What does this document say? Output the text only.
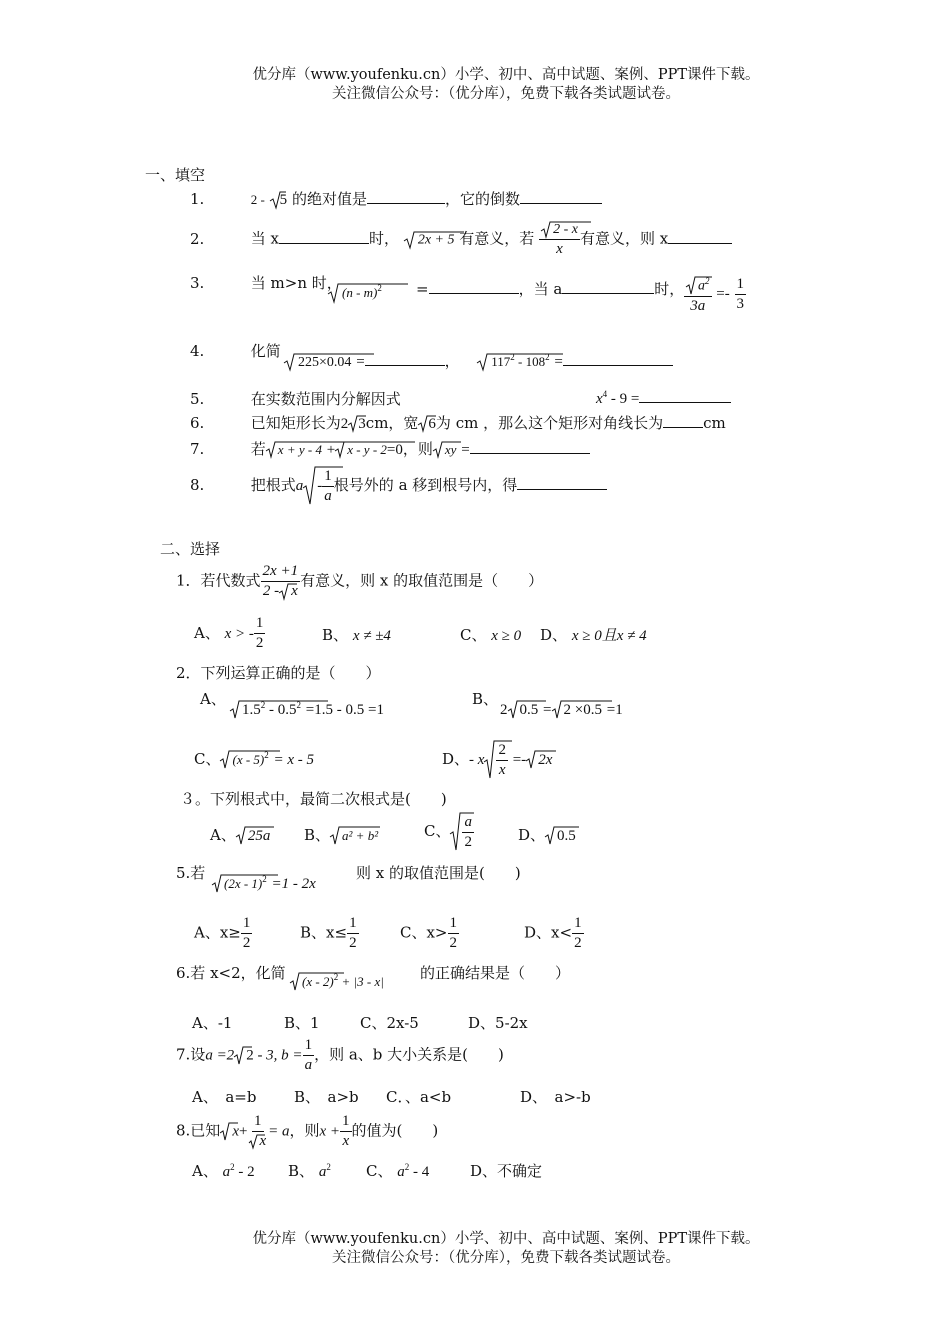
优分库（www.youfenku.cn）小学、初中、高中试题、案例、PPT课件下载。
关注微信公众号：（优分库），免费下载各类试题试卷。
一、填空
1.	2 - 5 的绝对值是	，它的倒数
2.	当 x	时， 2x + 5 有意义，若 $\frac{2 - x}{x}$ 有意义，则 x
3.	当 m>n 时，
(n - m)$^2$ =	，当 a	时， $\frac{a^2}{3a} =- \frac{1}{3}$
4.	化简
225×0.04 =	， $117^2 - 108^2$ =
5.	在实数范围内分解因式	$x^4 - 9$ =
6.	已知矩形长为2 3cm，宽 6为 cm ，那么这个矩形对角线长为	cm
7.	若 x + y - 4 + x - y - 2=0，则 xy =
8.	把根式a - $\frac{1}{a}$ 根号外的 a 移到根号内，得
二、选择
1．若代数式 $\frac{2x +1}{2 - x}$ 有意义，则 x 的取值范围是（　　）
A、 x > - $\frac{1}{2}$	B、 x ≠ ±4	C、 x ≥ 0 D、 x ≥ 0且x ≠ 4
2．下列运算正确的是（　　）
A、
$1.5^2 - 0.5^2 =1.5 - 0.5 =1$
B、
2 0.5 = 2 ×0.5 =1
C、 (x - 5)$^2$ = x - 5	D、- x $\frac{2}{x} =- 2x$
３。下列根式中，最简二次根式是(　　)
A、 25a B、 a² + b²	C、 $\frac{a}{2}$	D、 0.5
5.若
(2x - 1)$^2$ =1 - 2x
则 x 的取值范围是(　　)
A、$x\ge \frac{1}{2}$	B、$x\le \frac{1}{2}$	C、$x> \frac{1}{2}$	D、$x< \frac{1}{2}$
6.若 x<2，化简	(x - 2)$^2$ + |3 - x| 的正确结果是（　　）
A、-1	B、1	C、2x-5	D、5-2x
7.设a =2 2 - 3, $b = \frac{1}{a}$ ，则 a、b 大小关系是(　　)
A、　a=b	B、　a>b C．、a<b	D、　a>-b
8.已知 $x+ \frac{1}{x} = a$，则$x + \frac{1}{x}$ 的值为(　　)
A、 $a^2 - 2$ B、 $a^2$ C、 $a^2 - 4$	D、不确定
优分库（www.youfenku.cn）小学、初中、高中试题、案例、PPT课件下载。
关注微信公众号：（优分库），免费下载各类试题试卷。
